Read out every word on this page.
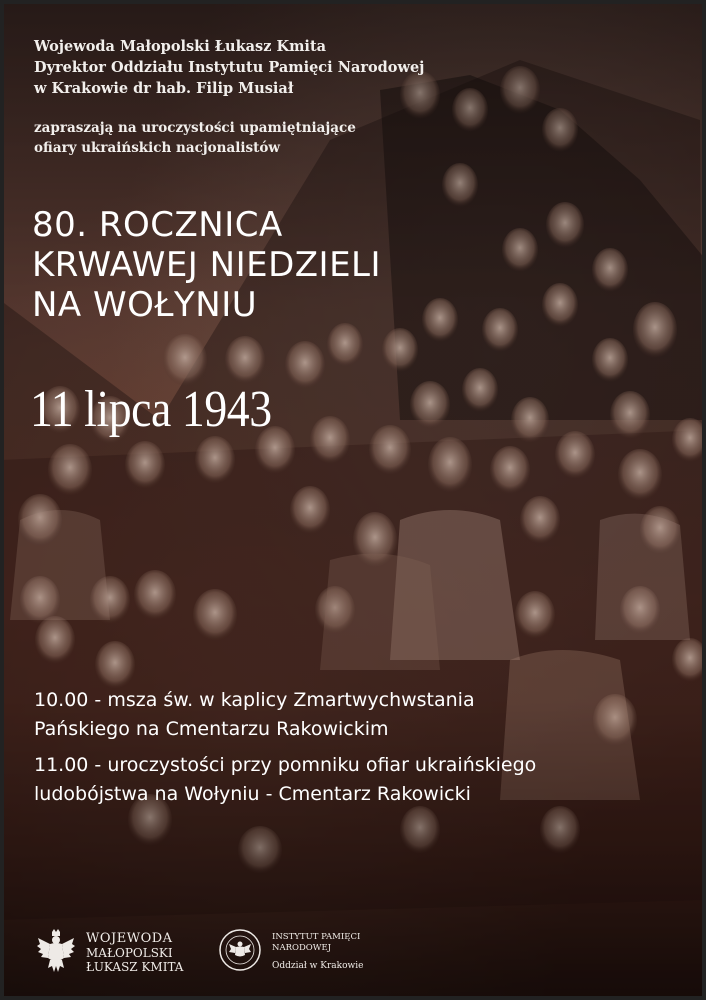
Wojewoda Małopolski Łukasz Kmita
Dyrektor Oddziału Instytutu Pamięci Narodowej
w Krakowie dr hab. Filip Musiał
zapraszają na uroczystości upamiętniające
ofiary ukraińskich nacjonalistów
80. ROCZNICA
KRWAWEJ NIEDZIELI
NA WOŁYNIU
11 lipca 1943
10.00 - msza św. w kaplicy Zmartwychwstania
Pańskiego na Cmentarzu Rakowickim
11.00 - uroczystości przy pomniku ofiar ukraińskiego
ludobójstwa na Wołyniu - Cmentarz Rakowicki
WOJEWODA
MAŁOPOLSKI
ŁUKASZ KMITA
INSTYTUT PAMIĘCI
NARODOWEJ
Oddział w Krakowie
